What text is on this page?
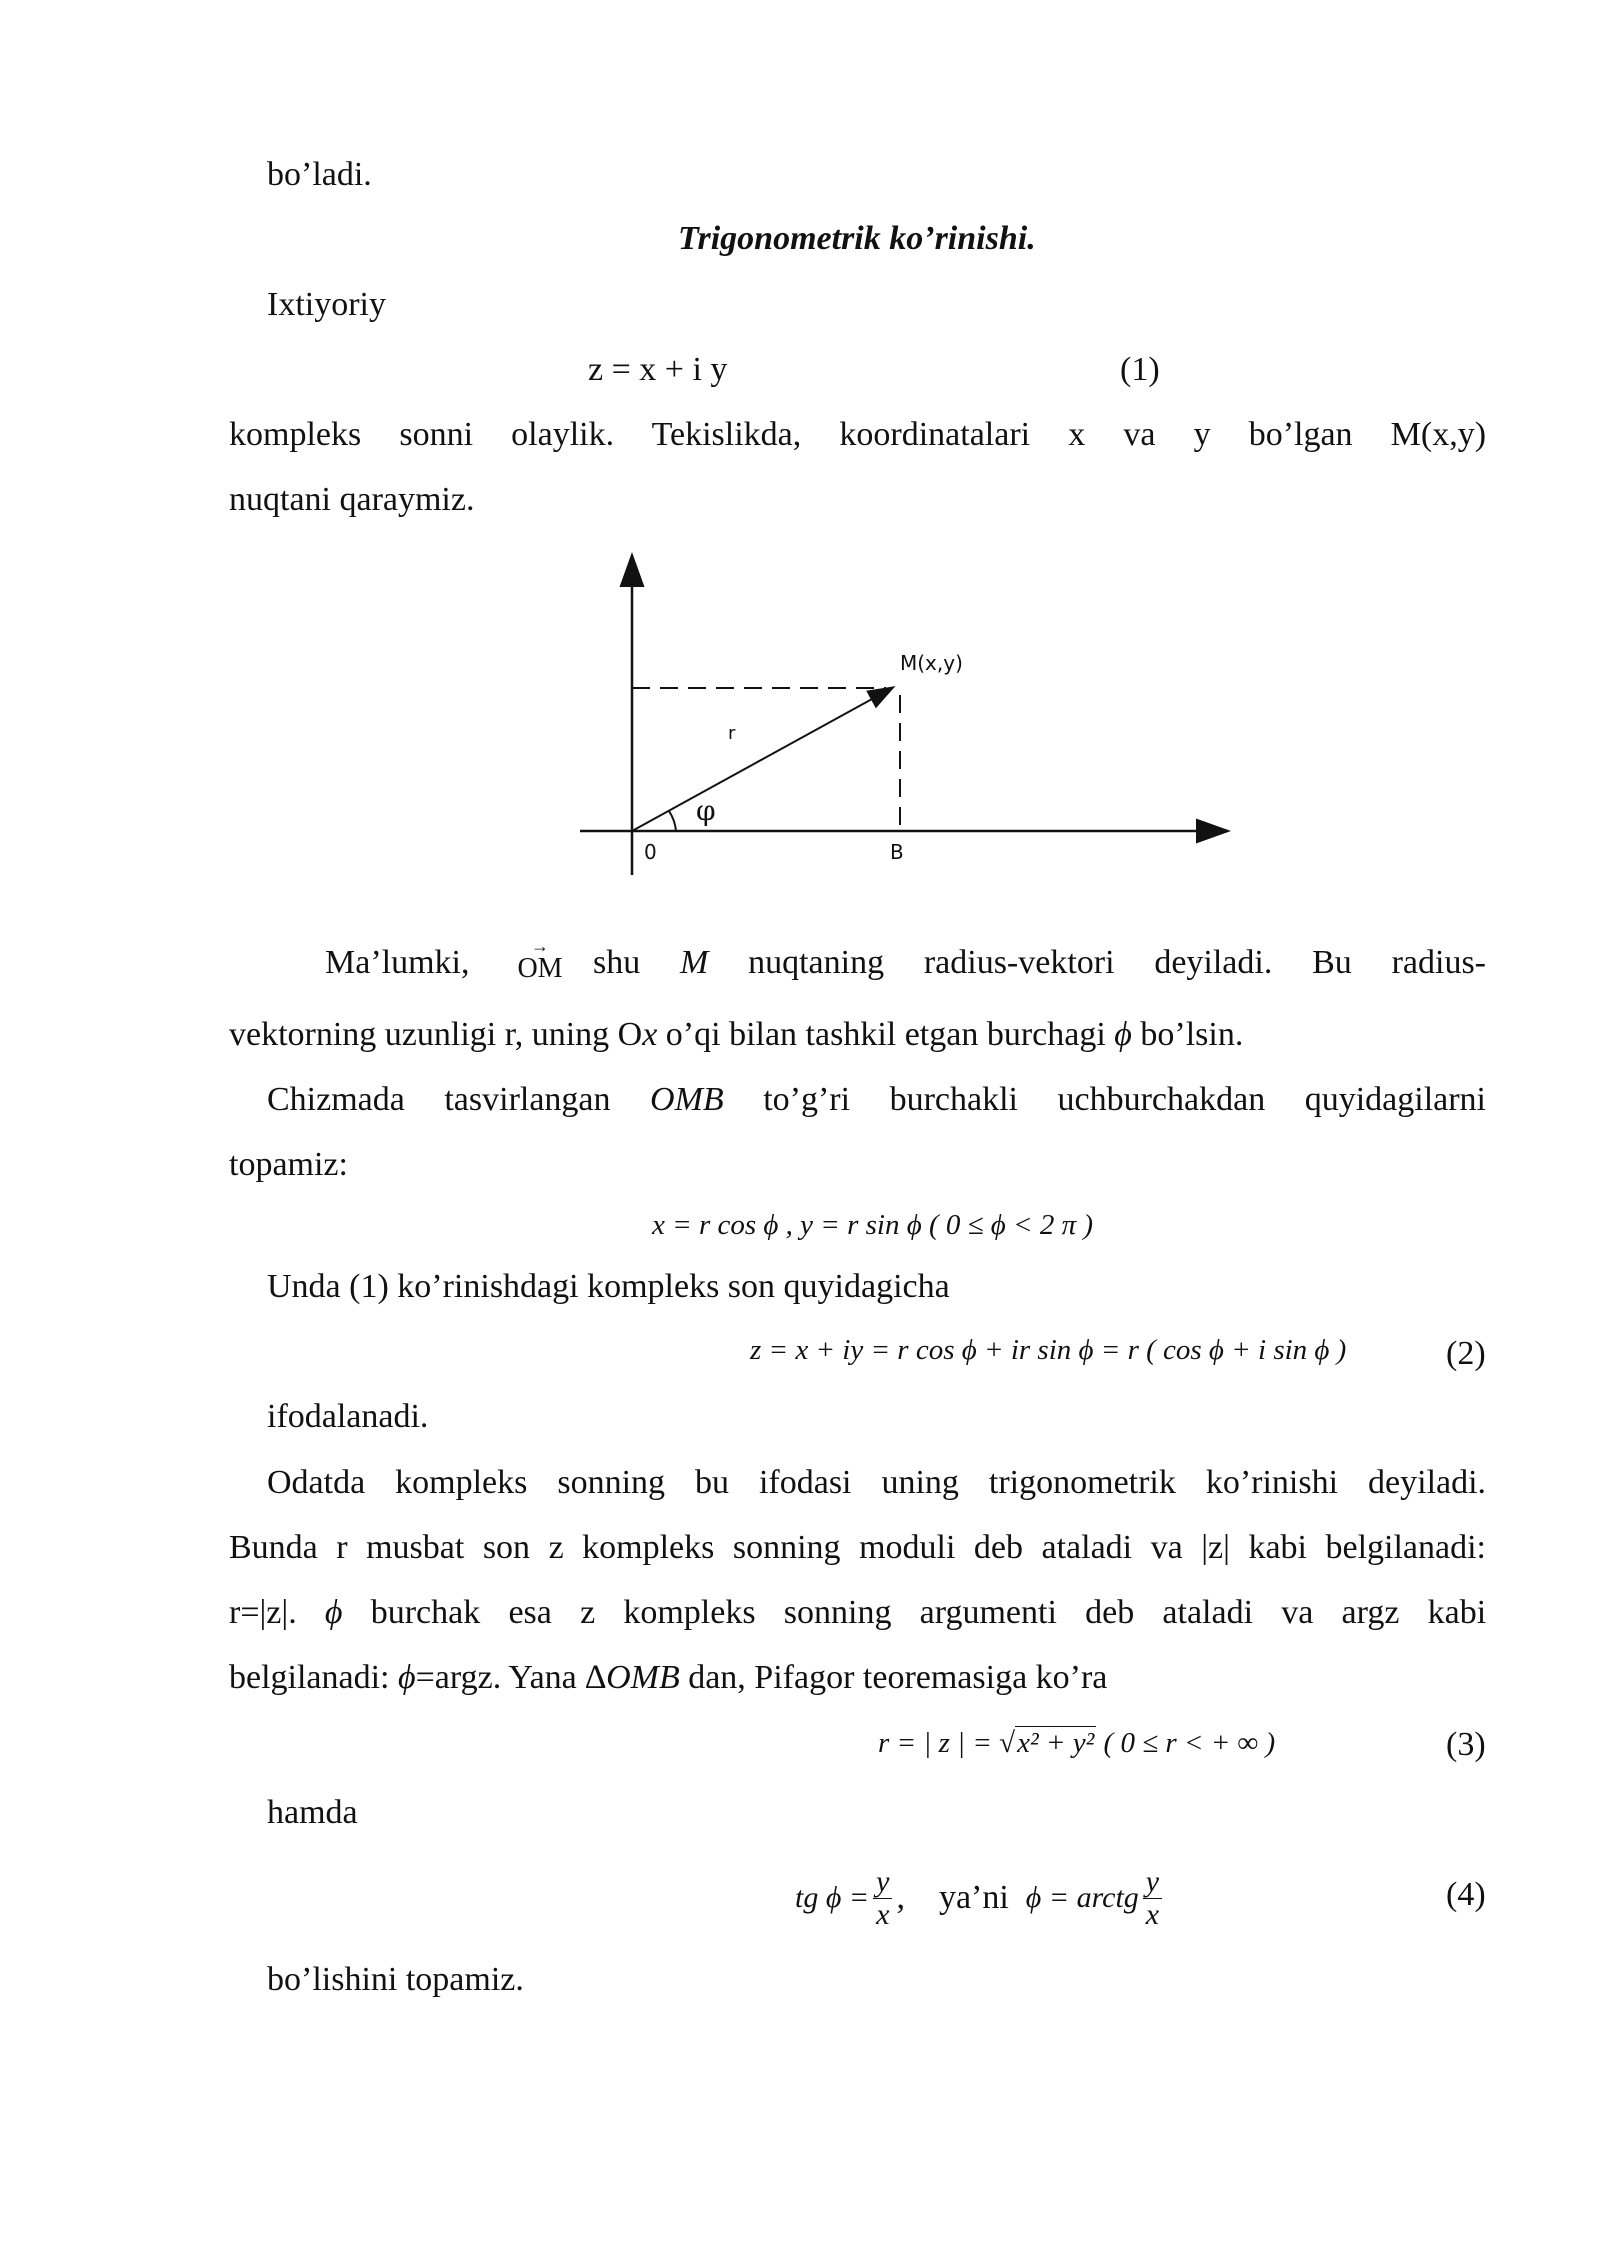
bo’ladi.
Trigonometrik ko’rinishi.
Ixtiyoriy
z = x + i y	(1)
kompleks sonni olaylik. Tekislikda, koordinatalari x va y bo’lgan M(x,y)
nuqtani qaraymiz.
M(x,y)
r
φ
0	B
Ma’lumki,	→
OM shu M nuqtaning radius-vektori deyiladi. Bu radius-
vektorning uzunligi r, uning Ox o’qi bilan tashkil etgan burchagi ϕ bo’lsin.
Chizmada tasvirlangan OMB to’g’ri burchakli uchburchakdan quyidagilarni
topamiz:
x = r cos ϕ , y = r sin ϕ ( 0 ≤ ϕ < 2 π )
Unda (1) ko’rinishdagi kompleks son quyidagicha
z = x + iy = r cos ϕ + ir sin ϕ = r ( cos ϕ + i sin ϕ )	(2)
ifodalanadi.
Odatda kompleks sonning bu ifodasi uning trigonometrik ko’rinishi deyiladi.
Bunda r musbat son z kompleks sonning moduli deb ataladi va |z| kabi belgilanadi:
r=|z|. ϕ burchak esa z kompleks sonning argumenti deb ataladi va argz kabi
belgilanadi: ϕ=argz. Yana ∆OMB dan, Pifagor teoremasiga ko’ra
r = | z | = √x² + y² ( 0 ≤ r < + ∞ )	(3)
hamda
tg $\phi = \frac{y}{x}$ ,    ya’ni ϕ = arctg $\frac{y}{x}$	(4)
bo’lishini topamiz.
